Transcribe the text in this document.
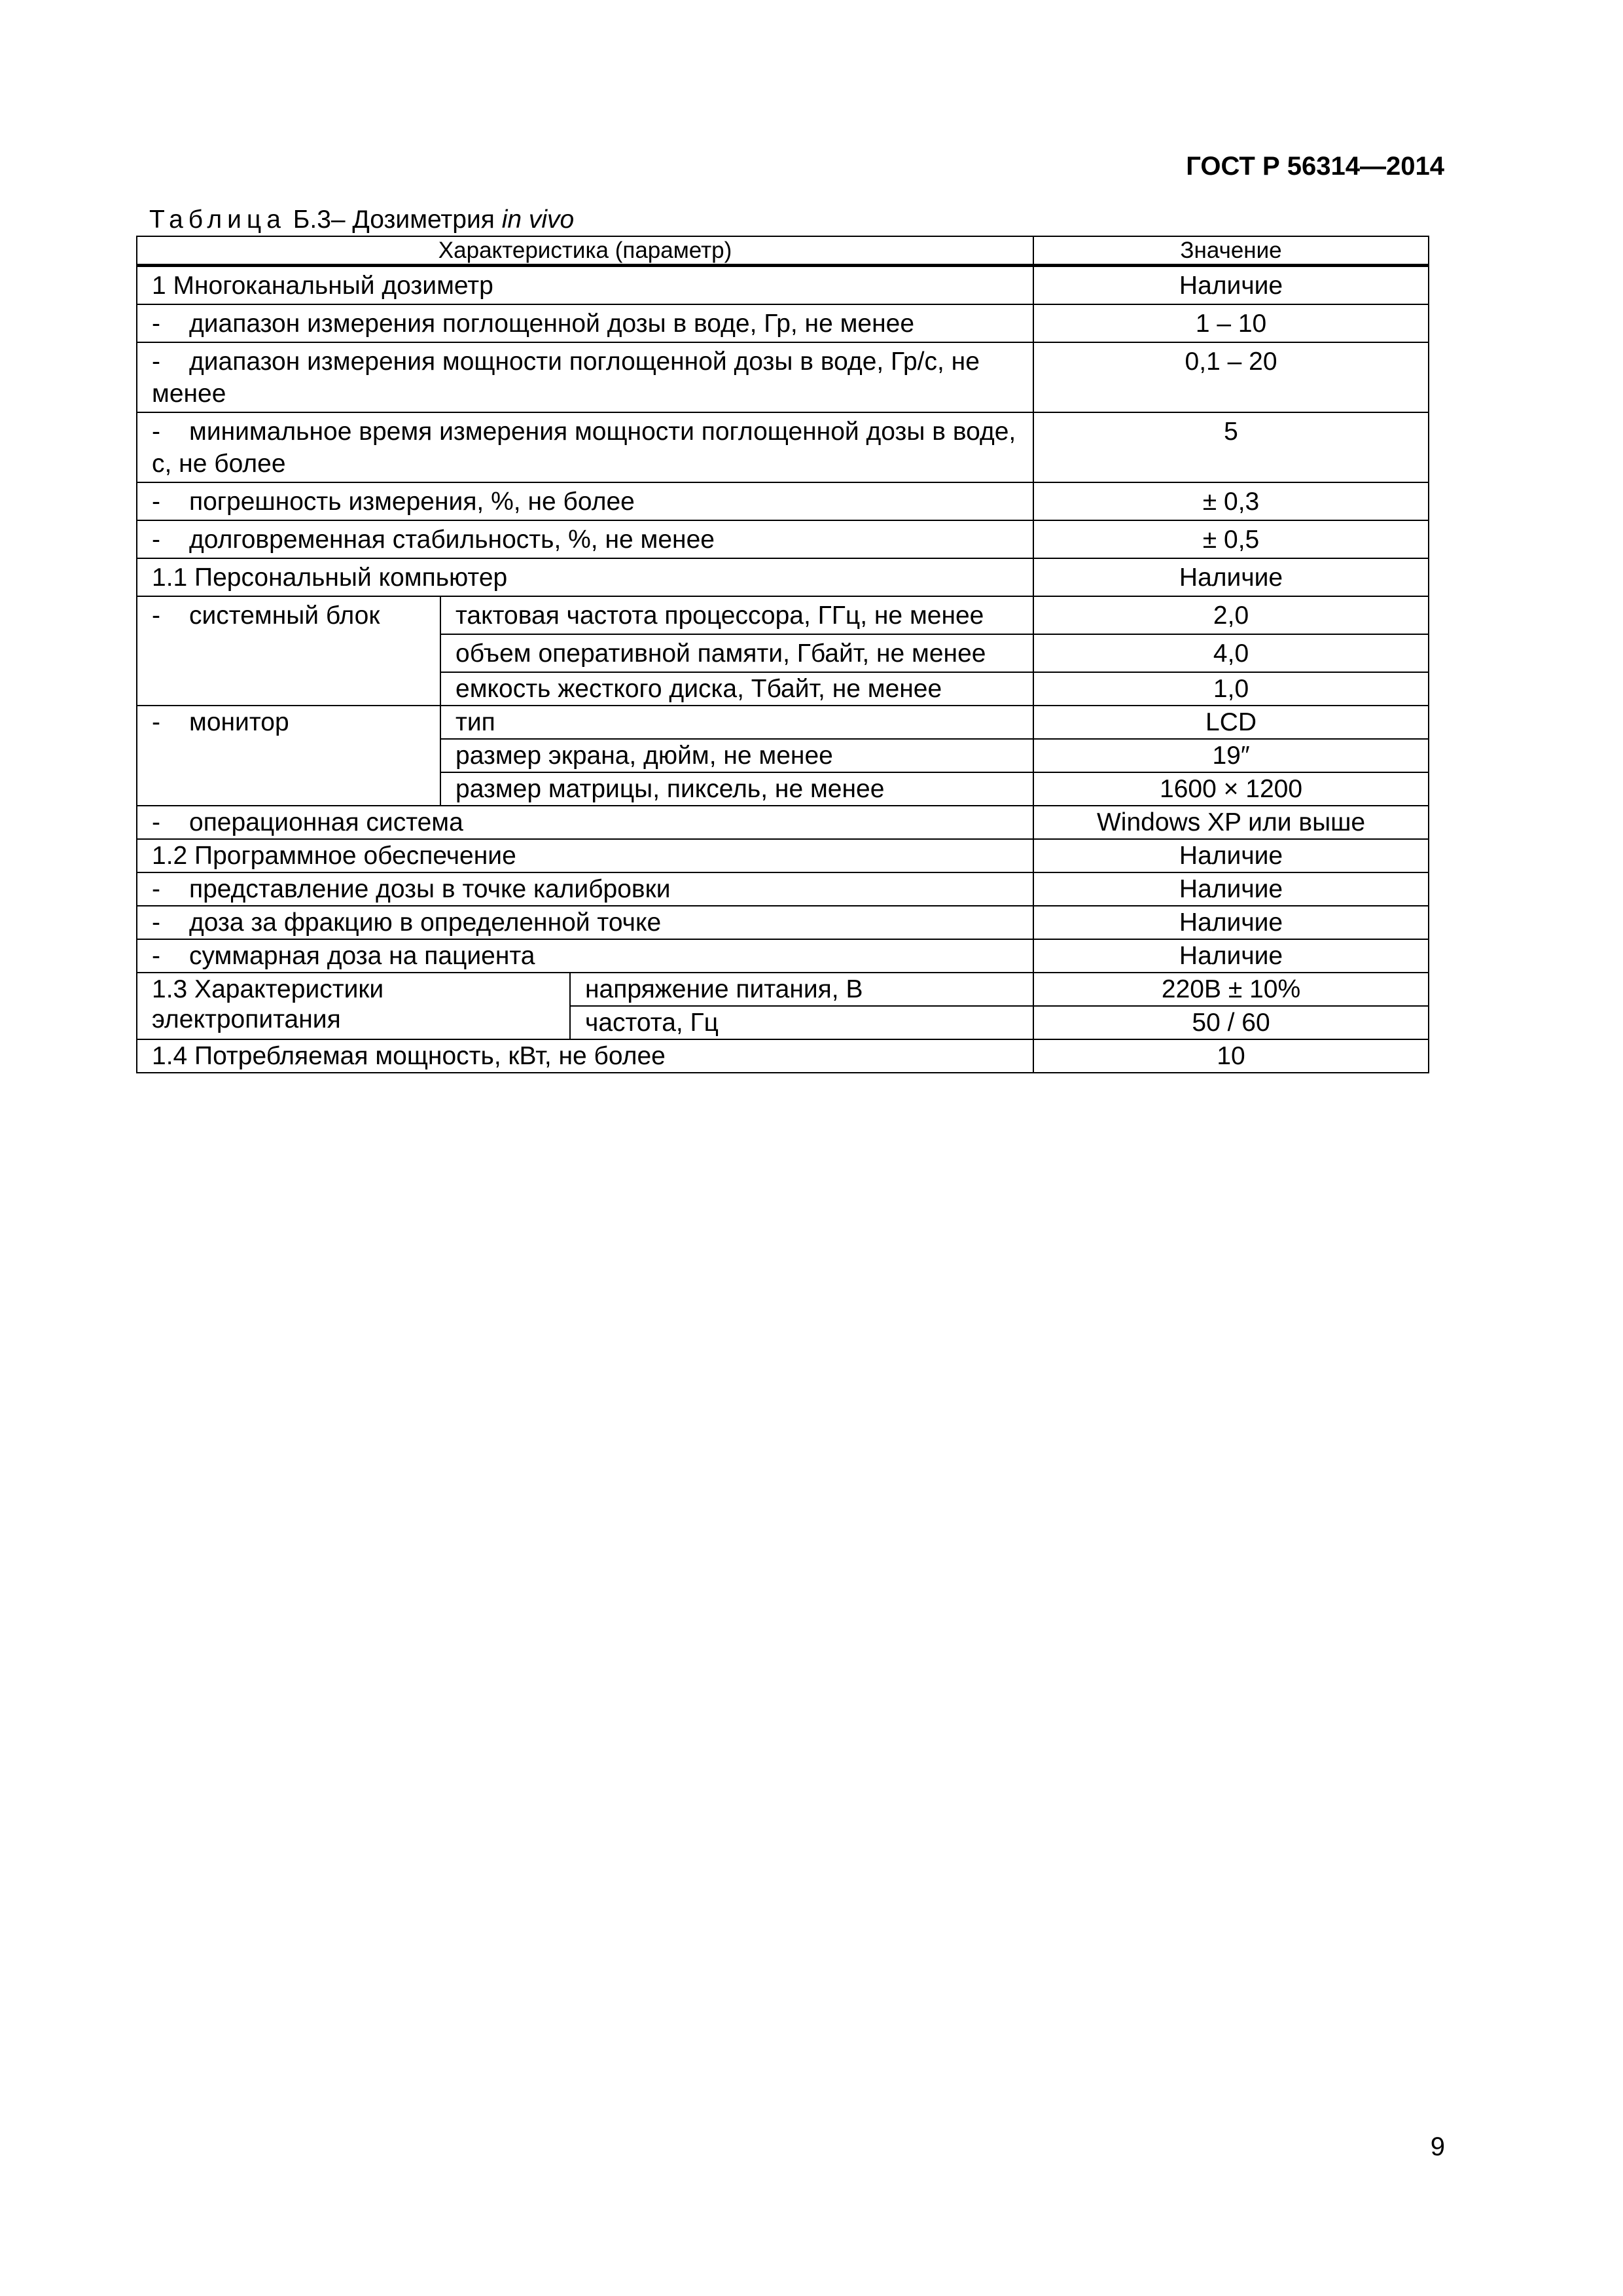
ГОСТ Р 56314—2014
Таблица Б.3– Дозиметрия in vivo
Характеристика (параметр)			Значение
1 Многоканальный дозиметр			Наличие
- диапазон измерения поглощенной дозы в воде, Гр, не менее			1 – 10
- диапазон измерения мощности поглощенной дозы в воде, Гр/с, не менее			0,1 – 20
- минимальное время измерения мощности поглощенной дозы в воде, с, не более			5
- погрешность измерения, %, не более			± 0,3
- долговременная стабильность, %, не менее			± 0,5
1.1 Персональный компьютер			Наличие
- системный блок	тактовая частота процессора, ГГц, не менее		2,0
	объем оперативной памяти, Гбайт, не менее		4,0
	емкость жесткого диска, Тбайт, не менее		1,0
- монитор	тип		LCD
	размер экрана, дюйм, не менее		19″
	размер матрицы, пиксель, не менее		1600 × 1200
- операционная система			Windows XP или выше
1.2 Программное обеспечение			Наличие
- представление дозы в точке калибровки			Наличие
- доза за фракцию в определенной точке			Наличие
- суммарная доза на пациента			Наличие
1.3 Характеристики электропитания		напряжение питания, В	220В ± 10%
		частота, Гц	50 / 60
1.4 Потребляемая мощность, кВт, не более			10
9
